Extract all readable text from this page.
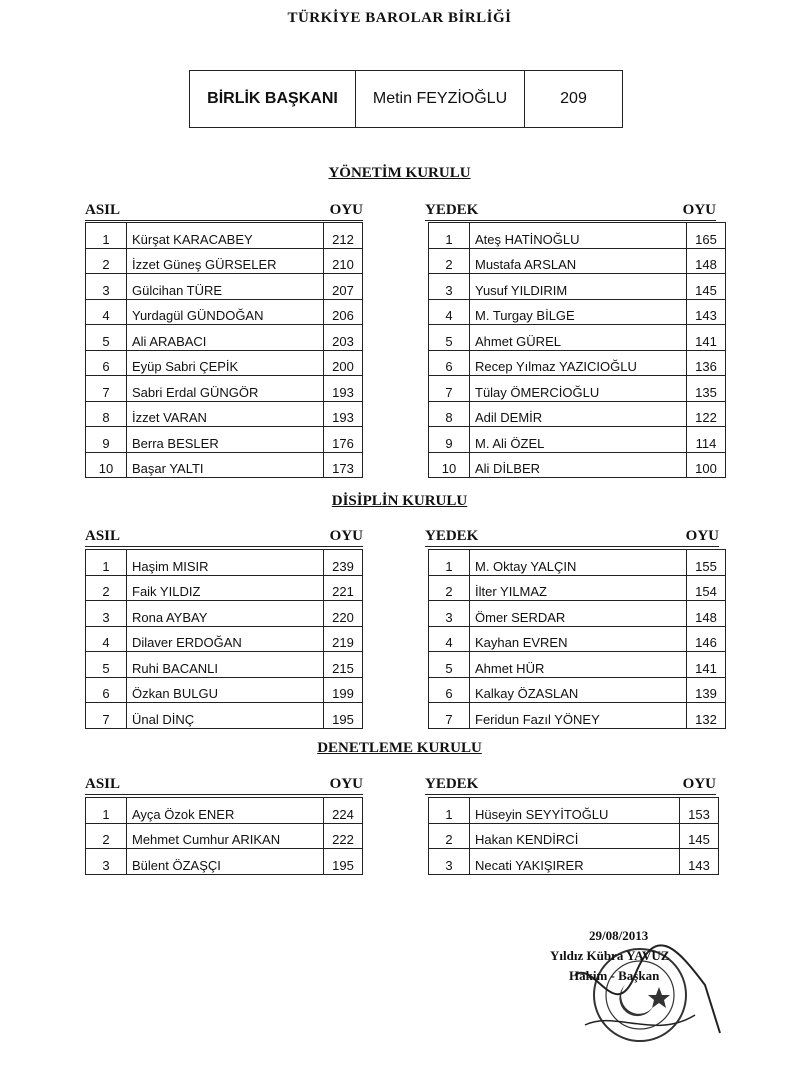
TÜRKİYE BAROLAR BİRLİĞİ
BİRLİK BAŞKANI	Metin FEYZİOĞLU	209
YÖNETİM KURULU
ASIL	OYU	YEDEK	OYU
1	Kürşat KARACABEY	212
2	İzzet Güneş GÜRSELER	210
3	Gülcihan TÜRE	207
4	Yurdagül GÜNDOĞAN	206
5	Ali ARABACI	203
6	Eyüp Sabri ÇEPİK	200
7	Sabri Erdal GÜNGÖR	193
8	İzzet VARAN	193
9	Berra BESLER	176
10	Başar YALTI	173
1	Ateş HATİNOĞLU	165
2	Mustafa ARSLAN	148
3	Yusuf YILDIRIM	145
4	M. Turgay BİLGE	143
5	Ahmet GÜREL	141
6	Recep Yılmaz YAZICIOĞLU	136
7	Tülay ÖMERCİOĞLU	135
8	Adil DEMİR	122
9	M. Ali ÖZEL	114
10	Ali DİLBER	100
DİSİPLİN KURULU
ASIL	OYU	YEDEK	OYU
1	Haşim MISIR	239
2	Faik YILDIZ	221
3	Rona AYBAY	220
4	Dilaver ERDOĞAN	219
5	Ruhi BACANLI	215
6	Özkan BULGU	199
7	Ünal DİNÇ	195
1	M. Oktay YALÇIN	155
2	İlter YILMAZ	154
3	Ömer SERDAR	148
4	Kayhan EVREN	146
5	Ahmet HÜR	141
6	Kalkay ÖZASLAN	139
7	Feridun Fazıl YÖNEY	132
DENETLEME KURULU
ASIL	OYU	YEDEK	OYU
1	Ayça Özok ENER	224
2	Mehmet Cumhur ARIKAN	222
3	Bülent ÖZAŞÇI	195
1	Hüseyin SEYYİTOĞLU	153
2	Hakan KENDİRCİ	145
3	Necati YAKIŞIRER	143
29/08/2013
Yıldız Kübra YAVUZ
Hakim - Başkan
